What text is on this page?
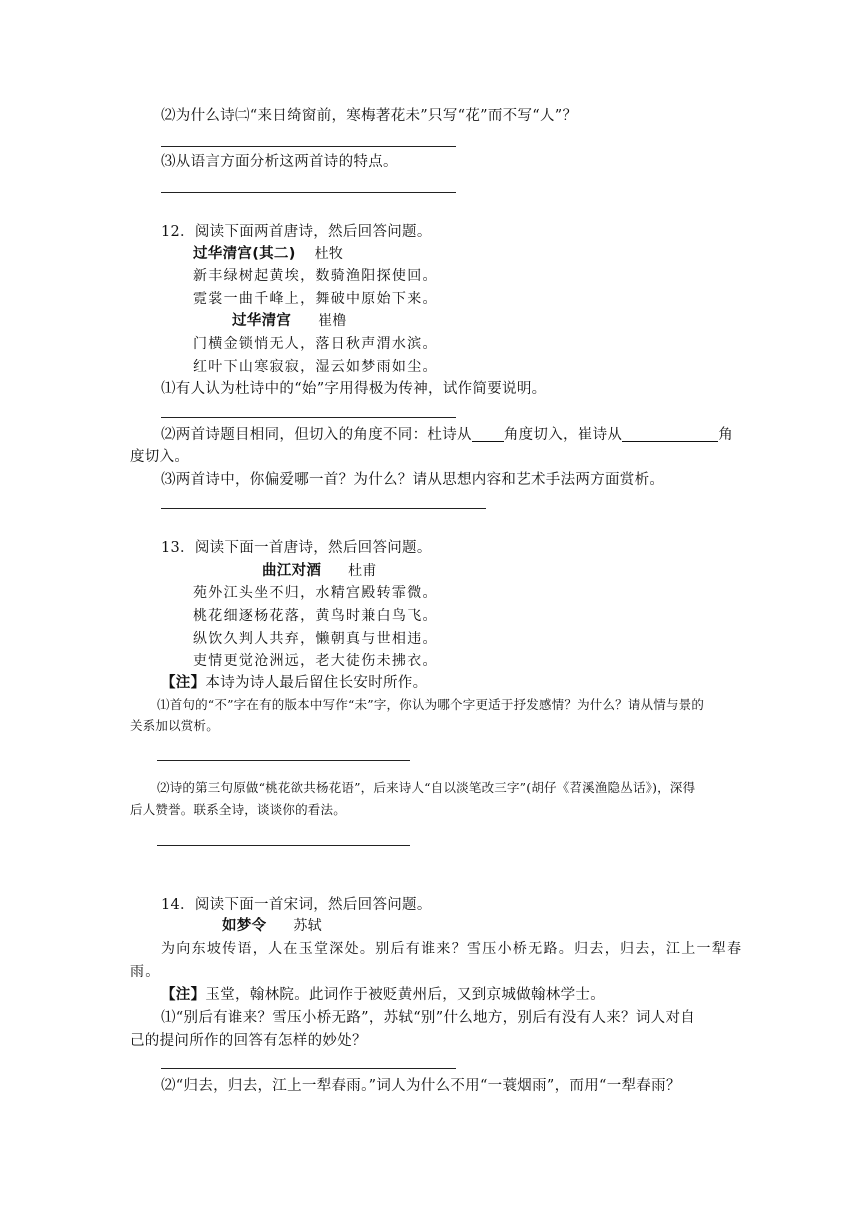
⑵为什么诗㈡“来日绮窗前，寒梅著花未”只写“花”而不写“人”？
⑶从语言方面分析这两首诗的特点。
12．阅读下面两首唐诗，然后回答问题。
过华清宫(其二) 杜牧
新丰绿树起黄埃，数骑渔阳探使回。
霓裳一曲千峰上，舞破中原始下来。
过华清宫 崔橹
门横金锁悄无人，落日秋声渭水滨。
红叶下山寒寂寂，湿云如梦雨如尘。
⑴有人认为杜诗中的“始”字用得极为传神，试作简要说明。
⑵两首诗题目相同，但切入的角度不同：杜诗从 角度切入，崔诗从	角
度切入。
⑶两首诗中，你偏爱哪一首？为什么？请从思想内容和艺术手法两方面赏析。
13．阅读下面一首唐诗，然后回答问题。
曲江对酒 杜甫
苑外江头坐不归，水精宫殿转霏微。
桃花细逐杨花落，黄鸟时兼白鸟飞。
纵饮久判人共弃，懒朝真与世相违。
吏情更觉沧洲远，老大徒伤未拂衣。
【注】本诗为诗人最后留住长安时所作。
⑴首句的“不”字在有的版本中写作“未”字，你认为哪个字更适于抒发感情？为什么？请从情与景的
关系加以赏析。
⑵诗的第三句原做“桃花欲共杨花语”，后来诗人“自以淡笔改三字”(胡仔《苕溪渔隐丛话》)，深得
后人赞誉。联系全诗，谈谈你的看法。
14．阅读下面一首宋词，然后回答问题。
如梦令 苏轼
为向东坡传语，人在玉堂深处。别后有谁来？雪压小桥无路。归去，归去，江上一犁春
雨。
【注】玉堂，翰林院。此词作于被贬黄州后，又到京城做翰林学士。
⑴“别后有谁来？雪压小桥无路”，苏轼“别”什么地方，别后有没有人来？词人对自
己的提问所作的回答有怎样的妙处？
⑵“归去，归去，江上一犁春雨。”词人为什么不用“一蓑烟雨”，而用“一犁春雨？
